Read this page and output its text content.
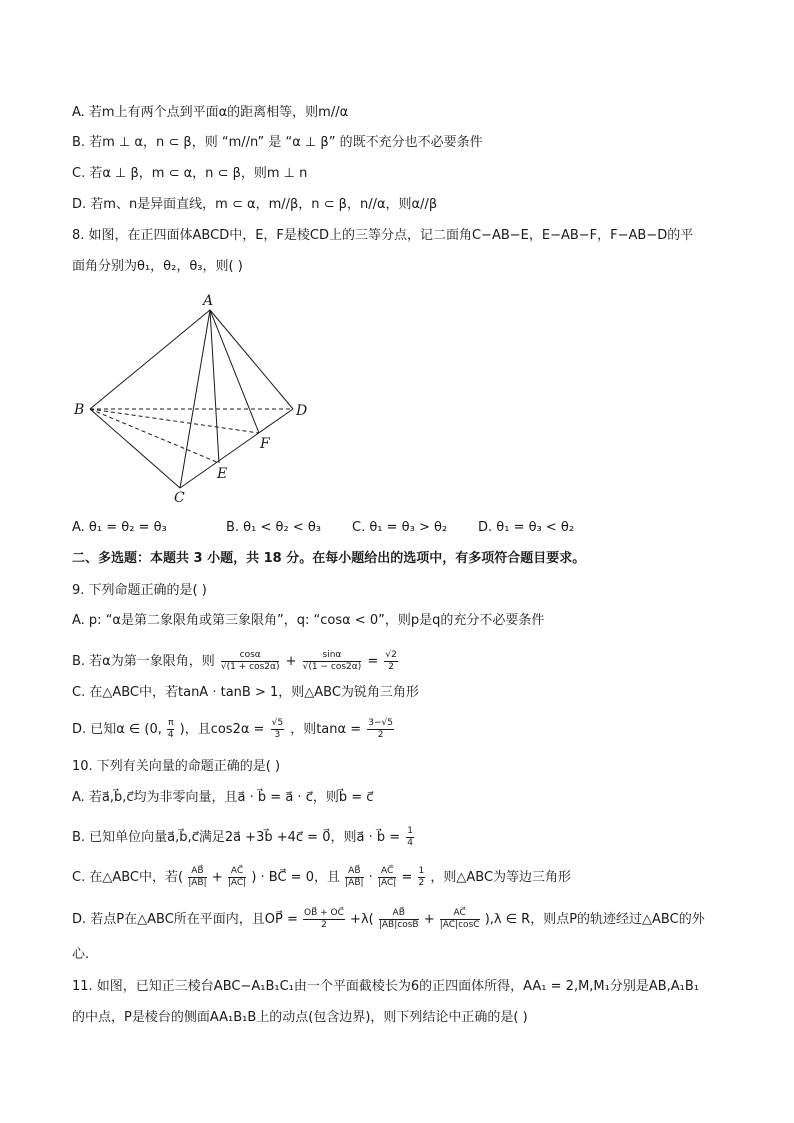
A. 若m上有两个点到平面α的距离相等，则m//α
B. 若m ⊥ α，n ⊂ β，则 “m//n” 是 “α ⊥ β” 的既不充分也不必要条件
C. 若α ⊥ β，m ⊂ α，n ⊂ β，则m ⊥ n
D. 若m、n是异面直线，m ⊂ α，m//β，n ⊂ β，n//α，则α//β
8. 如图，在正四面体ABCD中，E，F是棱CD上的三等分点，记二面角C−AB−E，E−AB−F，F−AB−D的平
面角分别为θ₁，θ₂，θ₃，则( )
A
B
C
D
E
F
A. θ₁ = θ₂ = θ₃	B. θ₁ < θ₂ < θ₃ C. θ₁ = θ₃ > θ₂ D. θ₁ = θ₃ < θ₂
二、多选题：本题共 3 小题，共 18 分。在每小题给出的选项中，有多项符合题目要求。
9. 下列命题正确的是( )
A. p: “α是第二象限角或第三象限角”，q: “cosα < 0”，则p是q的充分不必要条件
B. 若α为第一象限角，则 $\frac{\cos\alpha}{√(1 + \cos 2\alpha)} + \frac{\sin\alpha}{√(1 - \cos 2\alpha)} = \frac{√2}{2}$
C. 在△ABC中，若tanA · tanB > 1，则△ABC为锐角三角形
D. 已知α ∈ (0, $\frac{\pi}{4}$ )，且$\cos 2\alpha = \frac{√5}{3}$ ，则$\tan\alpha = \frac{3-√5}{2}$
10. 下列有关向量的命题正确的是( )
A. 若a⃗,b⃗,c⃗均为非零向量，且a⃗ · b⃗ = a⃗ · c⃗，则b⃗ = c⃗
B. 已知单位向量a⃗,b⃗,c⃗满足2a⃗ +3b⃗ +4c⃗ = 0⃗，则a⃗ · b⃗ = $\frac{1}{4}$
C. 在△ABC中，若( $\frac{AB⃗}{|AB⃗|} + \frac{AC⃗}{|AC⃗|}$ ) · BC⃗ = 0，且 $\frac{AB⃗}{|AB⃗|} \cdot \frac{AC⃗}{|AC⃗|} = \frac{1}{2}$ ，则△ABC为等边三角形
D. 若点P在△ABC所在平面内，且OP⃗ = $\frac{OB⃗ + OC⃗}{2} +\lambda( \frac{AB⃗}{|AB⃗|\cos B} + \frac{AC⃗}{|AC⃗|\cos C} ),\lambda$ ∈ R，则点P的轨迹经过△ABC的外
心.
11. 如图，已知正三棱台ABC−A₁B₁C₁由一个平面截棱长为6的正四面体所得，AA₁ = 2,M,M₁分别是AB,A₁B₁
的中点，P是棱台的侧面AA₁B₁B上的动点(包含边界)，则下列结论中正确的是( )
